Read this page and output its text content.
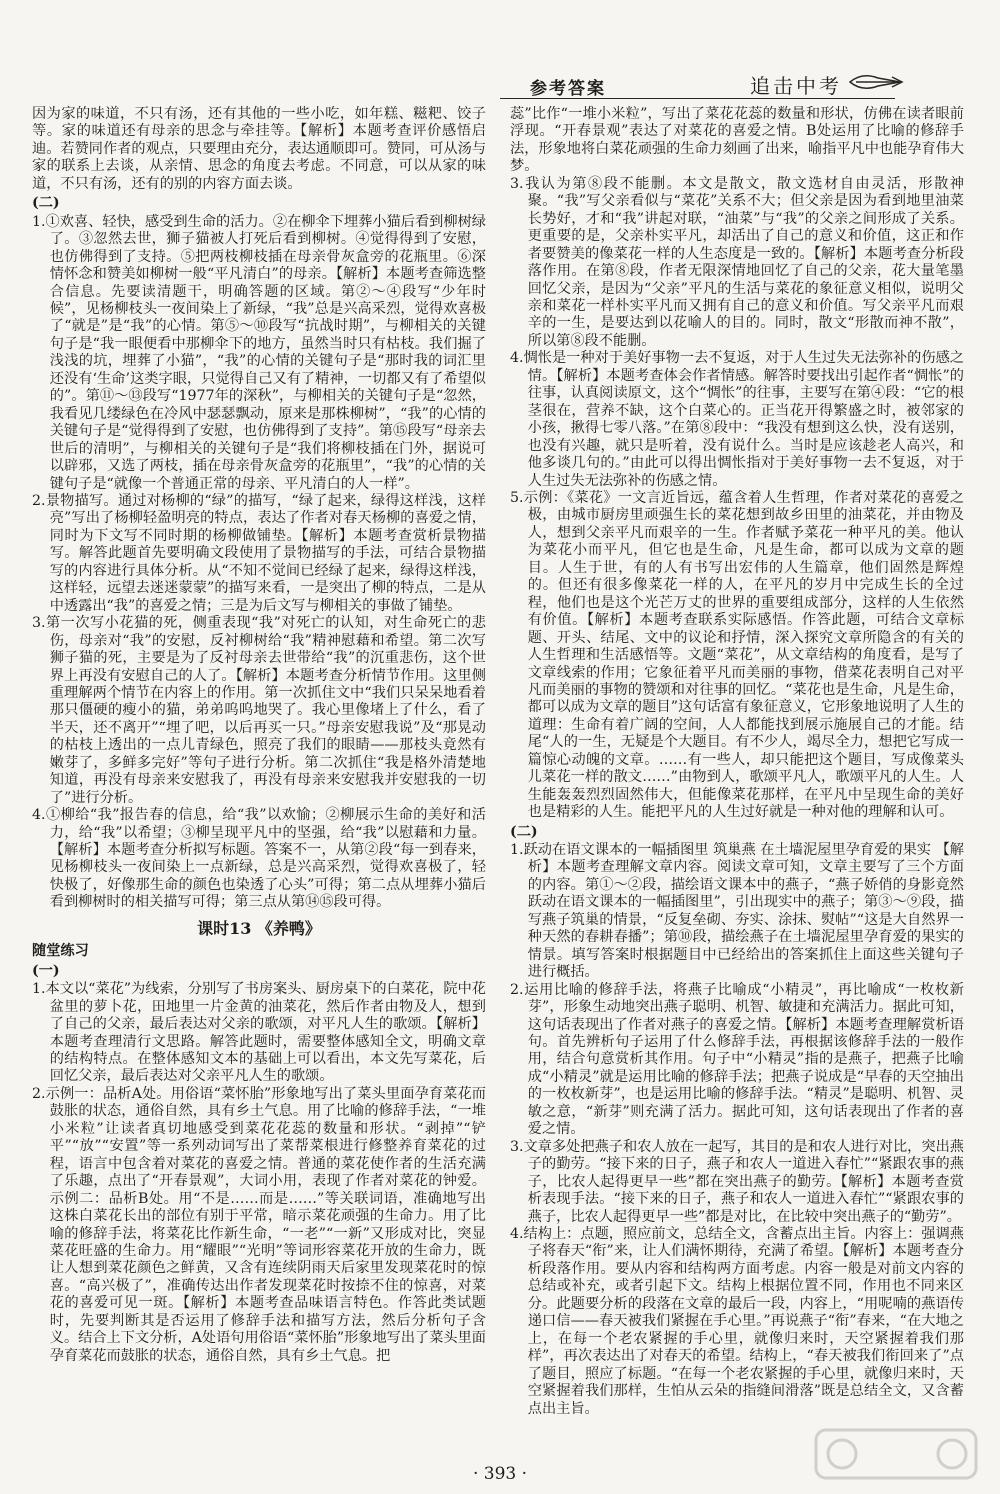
参考答案	追击中考

因为家的味道，不只有汤，还有其他的一些小吃，如年糕、糍粑、饺子等。家的味道还有母亲的思念与牵挂等。【解析】本题考查评价感悟启迪。若赞同作者的观点，只要理由充分，表达通顺即可。赞同，可从汤与家的联系上去谈，从亲情、思念的角度去考虑。不同意，可以从家的味道，不只有汤，还有的别的内容方面去谈。

(二)

1.①欢喜、轻快，感受到生命的活力。②在柳伞下埋葬小猫后看到柳树绿了。③忽然去世，狮子猫被人打死后看到柳树。④觉得得到了安慰，也仿佛得到了支持。⑤把两枝柳枝插在母亲骨灰盒旁的花瓶里。⑥深情怀念和赞美如柳树一般“平凡清白”的母亲。【解析】本题考查筛选整合信息。先要读清题干，明确答题的区域。第②～④段写“少年时候”，见杨柳枝头一夜间染上了新绿，“我”总是兴高采烈，觉得欢喜极了“就是”是“我”的心情。第⑤～⑩段写“抗战时期”，与柳相关的关键句子是“我一眼便看中那柳伞下的地方，虽然当时只有枯枝。我们掘了浅浅的坑，埋葬了小猫”，“我”的心情的关键句子是“那时我的词汇里还没有‘生命’这类字眼，只觉得自己又有了精神，一切都又有了希望似的”。第⑪～⑬段写“1977年的深秋”，与柳相关的关键句子是“忽然，我看见几缕绿色在冷风中瑟瑟飘动，原来是那株柳树”，“我”的心情的关键句子是“觉得得到了安慰，也仿佛得到了支持”。第⑮段写“母亲去世后的清明”，与柳相关的关键句子是“我们将柳枝插在门外，据说可以辟邪，又选了两枝，插在母亲骨灰盒旁的花瓶里”，“我”的心情的关键句子是“就像一个普通正常的母亲、平凡清白的人一样”。

2.景物描写。通过对杨柳的“绿”的描写，“绿了起来，绿得这样浅，这样亮”写出了杨柳轻盈明亮的特点，表达了作者对春天杨柳的喜爱之情，同时为下文写不同时期的杨柳做铺垫。【解析】本题考查赏析景物描写。解答此题首先要明确文段使用了景物描写的手法，可结合景物描写的内容进行具体分析。从“不知不觉间已经绿了起来，绿得这样浅，这样轻，远望去迷迷蒙蒙”的描写来看，一是突出了柳的特点，二是从中透露出“我”的喜爱之情；三是为后文写与柳相关的事做了铺垫。

3.第一次写小花猫的死，侧重表现“我”对死亡的认知，对生命死亡的悲伤，母亲对“我”的安慰，反衬柳树给“我”精神慰藉和希望。第二次写狮子猫的死，主要是为了反衬母亲去世带给“我”的沉重悲伤，这个世界上再没有安慰自己的人了。【解析】本题考查分析情节作用。这里侧重理解两个情节在内容上的作用。第一次抓住文中“我们只呆呆地看着那只僵硬的瘦小的猫，弟弟呜呜地哭了。我心里像堵上了什么，看了半天，还不离开”“埋了吧，以后再买一只。”母亲安慰我说”及“那晃动的枯枝上透出的一点儿青绿色，照亮了我们的眼睛——那枝头竟然有嫩芽了，多鲜多完好”等句子进行分析。第二次抓住“我是格外清楚地知道，再没有母亲来安慰我了，再没有母亲来安慰我并安慰我的一切了”进行分析。

4.①柳给“我”报告春的信息，给“我”以欢愉；②柳展示生命的美好和活力，给“我”以希望；③柳呈现平凡中的坚强，给“我”以慰藉和力量。【解析】本题考查分析拟写标题。答案不一，从第②段“每一到春来，见杨柳枝头一夜间染上一点新绿，总是兴高采烈，觉得欢喜极了，轻快极了，好像那生命的颜色也染透了心头”可得；第二点从埋葬小猫后看到柳树时的相关描写可得；第三点从第⑭⑮段可得。

课时13 《养鸭》

随堂练习

(一)

1.本文以“菜花”为线索，分别写了书房案头、厨房桌下的白菜花，院中花盆里的萝卜花，田地里一片金黄的油菜花，然后作者由物及人，想到了自己的父亲，最后表达对父亲的歌颂，对平凡人生的歌颂。【解析】本题考查理清行文思路。解答此题时，需要整体感知全文，明确文章的结构特点。在整体感知文本的基础上可以看出，本文先写菜花，后回忆父亲，最后表达对父亲平凡人生的歌颂。

2.示例一：品析A处。用俗语“菜怀胎”形象地写出了菜头里面孕育菜花而鼓胀的状态，通俗自然，具有乡土气息。用了比喻的修辞手法，“一堆小米粒”让读者真切地感受到菜花花蕊的数量和形状。“剥掉”“铲平”“放”“安置”等一系列动词写出了菜帮菜根进行修整养育菜花的过程，语言中包含着对菜花的喜爱之情。普通的菜花使作者的生活充满了乐趣，点出了“开春景观”，大词小用，表现了作者对菜花的钟爱。示例二：品析B处。用“不是……而是……”等关联词语，准确地写出这株白菜花长出的部位有别于平常，暗示菜花顽强的生命力。用了比喻的修辞手法，将菜花比作新生命，“一老”“一新”又形成对比，突显菜花旺盛的生命力。用“耀眼”“光明”等词形容菜花开放的生命力，既让人想到菜花颜色之鲜黄，又含有连续阴雨天后家里发现菜花时的惊喜。“高兴极了”，准确传达出作者发现菜花时按捺不住的惊喜，对菜花的喜爱可见一斑。【解析】本题考查品味语言特色。作答此类试题时，先要判断其是否运用了修辞手法和描写方法，然后分析句子含义。结合上下文分析，A处语句用俗语“菜怀胎”形象地写出了菜头里面孕育菜花而鼓胀的状态，通俗自然，具有乡土气息。把

蕊”比作“一堆小米粒”，写出了菜花花蕊的数量和形状，仿佛在读者眼前浮现。“开春景观”表达了对菜花的喜爱之情。B处运用了比喻的修辞手法，形象地将白菜花顽强的生命力刻画了出来，喻指平凡中也能孕育伟大梦。

3.我认为第⑧段不能删。本文是散文，散文选材自由灵活，形散神聚。“我”写父亲看似与“菜花”关系不大；但父亲是因为看到地里油菜长势好，才和“我”讲起对联，“油菜”与“我”的父亲之间形成了关系。更重要的是，父亲朴实平凡，却活出了自己的意义和价值，这正和作者要赞美的像菜花一样的人生态度是一致的。【解析】本题考查分析段落作用。在第⑧段，作者无限深情地回忆了自己的父亲，花大量笔墨回忆父亲，是因为“父亲”平凡的生活与菜花的象征意义相似，说明父亲和菜花一样朴实平凡而又拥有自己的意义和价值。写父亲平凡而艰辛的一生，是要达到以花喻人的目的。同时，散文“形散而神不散”，所以第⑧段不能删。

4.惆怅是一种对于美好事物一去不复返，对于人生过失无法弥补的伤感之情。【解析】本题考查体会作者情感。解答时要找出引起作者“惆怅”的往事，认真阅读原文，这个“惆怅”的往事，主要写在第④段：“它的根茎很在，营养不缺，这个白菜心的。正当花开得繁盛之时，被邻家的小孩，揪得七零八落。”在第⑧段中：“我没有想到这么快，没有送别，也没有兴趣，就只是听着，没有说什么。当时是应该趁老人高兴，和他多谈几句的。”由此可以得出惆怅指对于美好事物一去不复返，对于人生过失无法弥补的伤感之情。

5.示例：《菜花》一文言近旨远，蕴含着人生哲理，作者对菜花的喜爱之极，由城市厨房里顽强生长的菜花想到故乡田里的油菜花，并由物及人，想到父亲平凡而艰辛的一生。作者赋予菜花一种平凡的美。他认为菜花小而平凡，但它也是生命，凡是生命，都可以成为文章的题目。人生于世，有的人有书写出宏伟的人生篇章，他们固然是辉煌的。但还有很多像菜花一样的人，在平凡的岁月中完成生长的全过程，他们也是这个光芒万丈的世界的重要组成部分，这样的人生依然有价值。【解析】本题考查联系实际感悟。作答此题，可结合文章标题、开头、结尾、文中的议论和抒情，深入探究文章所隐含的有关的人生哲理和生活感悟等。文题“菜花”，从文章结构的角度看，是写了文章线索的作用；它象征着平凡而美丽的事物，借菜花表明自己对平凡而美丽的事物的赞颂和对往事的回忆。“菜花也是生命，凡是生命，都可以成为文章的题目”这句话富有象征意义，它形象地说明了人生的道理：生命有着广阔的空间，人人都能找到展示施展自己的才能。结尾“人的一生，无疑是个大题目。有不少人，竭尽全力，想把它写成一篇惊心动魄的文章。……有一些人，却只能把这个题目，写成像菜头儿菜花一样的散文……”由物到人，歌颂平凡人，歌颂平凡的人生。人生能轰轰烈烈固然伟大，但能像菜花那样，在平凡中呈现生命的美好也是精彩的人生。能把平凡的人生过好就是一种对他的理解和认可。

(二)

1.跃动在语文课本的一幅插图里 筑巢燕 在土墙泥屋里孕育爱的果实 【解析】本题考查理解文章内容。阅读文章可知，文章主要写了三个方面的内容。第①～②段，描绘语文课本中的燕子，“燕子娇俏的身影竟然跃动在语文课本的一幅插图里”，引出现实中的燕子；第③～⑨段，描写燕子筑巢的情景，“反复垒砌、夯实、涂抹、熨帖”“这是大自然界一种天然的春耕春播”；第⑩段，描绘燕子在土墙泥屋里孕育爱的果实的情景。填写答案时根据题目中已经给出的答案抓住上面这些关键句子进行概括。

2.运用比喻的修辞手法，将燕子比喻成“小精灵”，再比喻成“一枚枚新芽”，形象生动地突出燕子聪明、机智、敏捷和充满活力。据此可知，这句话表现出了作者对燕子的喜爱之情。【解析】本题考查理解赏析语句。首先辨析句子运用了什么修辞手法，再根据该修辞手法的一般作用，结合句意赏析其作用。句子中“小精灵”指的是燕子，把燕子比喻成“小精灵”就是运用比喻的修辞手法；把燕子说成是“早春的天空抽出的一枚枚新芽”，也是运用比喻的修辞手法。“精灵”是聪明、机智、灵敏之意，“新芽”则充满了活力。据此可知，这句话表现出了作者的喜爱之情。

3.文章多处把燕子和农人放在一起写，其目的是和农人进行对比，突出燕子的勤劳。“接下来的日子，燕子和农人一道进入春忙”“紧跟农事的燕子，比农人起得更早一些”都在突出燕子的勤劳。【解析】本题考查赏析表现手法。“接下来的日子，燕子和农人一道进入春忙”“紧跟农事的燕子，比农人起得更早一些”都是对比，在比较中突出燕子的“勤劳”。

4.结构上：点题，照应前文，总结全文，含蓄点出主旨。内容上：强调燕子将春天“衔”来，让人们满怀期待，充满了希望。【解析】本题考查分析段落作用。要从内容和结构两方面考虑。内容一般是对前文内容的总结或补充，或者引起下文。结构上根据位置不同，作用也不同来区分。此题要分析的段落在文章的最后一段，内容上，“用呢喃的燕语传递口信——春天被我们紧握在手心里。”再说燕子“衔”春来，“在大地之上，在每一个老农紧握的手心里，就像归来时，天空紧握着我们那样”，再次表达出了对春天的希望。结构上，“春天被我们衔回来了”点了题目，照应了标题。“在每一个老农紧握的手心里，就像归来时，天空紧握着我们那样，生怕从云朵的指缝间滑落”既是总结全文，又含蓄点出主旨。

· 393 ·
